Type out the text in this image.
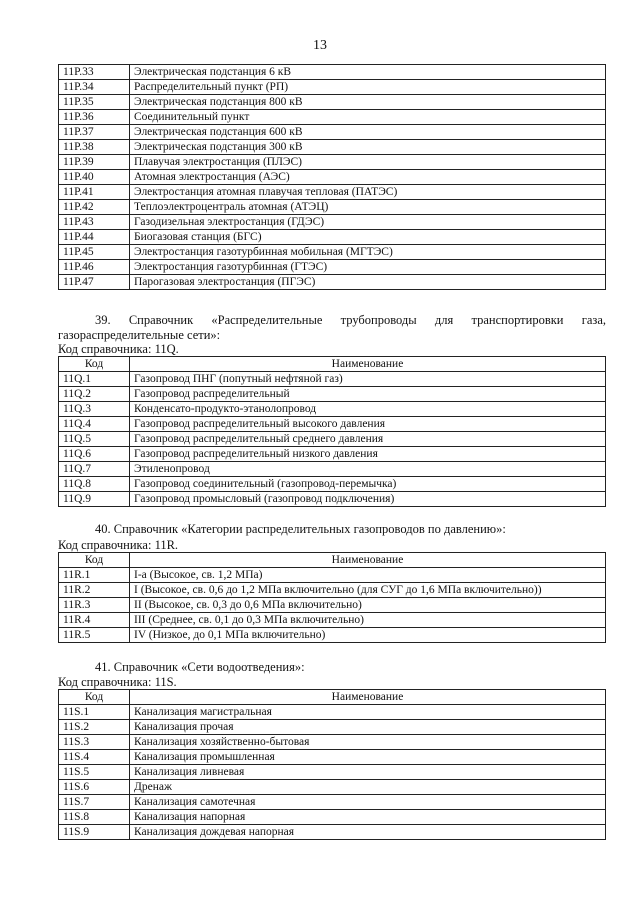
13
11P.33	Электрическая подстанция 6 кВ
11P.34	Распределительный пункт (РП)
11P.35	Электрическая подстанция 800 кВ
11P.36	Соединительный пункт
11P.37	Электрическая подстанция 600 кВ
11P.38	Электрическая подстанция 300 кВ
11P.39	Плавучая электростанция (ПЛЭС)
11P.40	Атомная электростанция (АЭС)
11P.41	Электростанция атомная плавучая тепловая (ПАТЭС)
11P.42	Теплоэлектроцентраль атомная (АТЭЦ)
11P.43	Газодизельная электростанция (ГДЭС)
11P.44	Биогазовая станция (БГС)
11P.45	Электростанция газотурбинная мобильная (МГТЭС)
11P.46	Электростанция газотурбинная (ГТЭС)
11P.47	Парогазовая электростанция (ПГЭС)
39. Справочник «Распределительные трубопроводы для транспортировки газа,
газораспределительные сети»:
Код справочника: 11Q.
Код	Наименование
11Q.1	Газопровод ПНГ (попутный нефтяной газ)
11Q.2	Газопровод распределительный
11Q.3	Конденсато-продукто-этанолопровод
11Q.4	Газопровод распределительный высокого давления
11Q.5	Газопровод распределительный среднего давления
11Q.6	Газопровод распределительный низкого давления
11Q.7	Этиленопровод
11Q.8	Газопровод соединительный (газопровод-перемычка)
11Q.9	Газопровод промысловый (газопровод подключения)
40. Справочник «Категории распределительных газопроводов по давлению»:
Код справочника: 11R.
Код	Наименование
11R.1	I-а (Высокое, св. 1,2 МПа)
11R.2	I (Высокое, св. 0,6 до 1,2 МПа включительно (для СУГ до 1,6 МПа включительно))
11R.3	II (Высокое, св. 0,3 до 0,6 МПа включительно)
11R.4	III (Среднее, св. 0,1 до 0,3 МПа включительно)
11R.5	IV (Низкое, до 0,1 МПа включительно)
41. Справочник «Сети водоотведения»:
Код справочника: 11S.
Код	Наименование
11S.1	Канализация магистральная
11S.2	Канализация прочая
11S.3	Канализация хозяйственно-бытовая
11S.4	Канализация промышленная
11S.5	Канализация ливневая
11S.6	Дренаж
11S.7	Канализация самотечная
11S.8	Канализация напорная
11S.9	Канализация дождевая напорная
